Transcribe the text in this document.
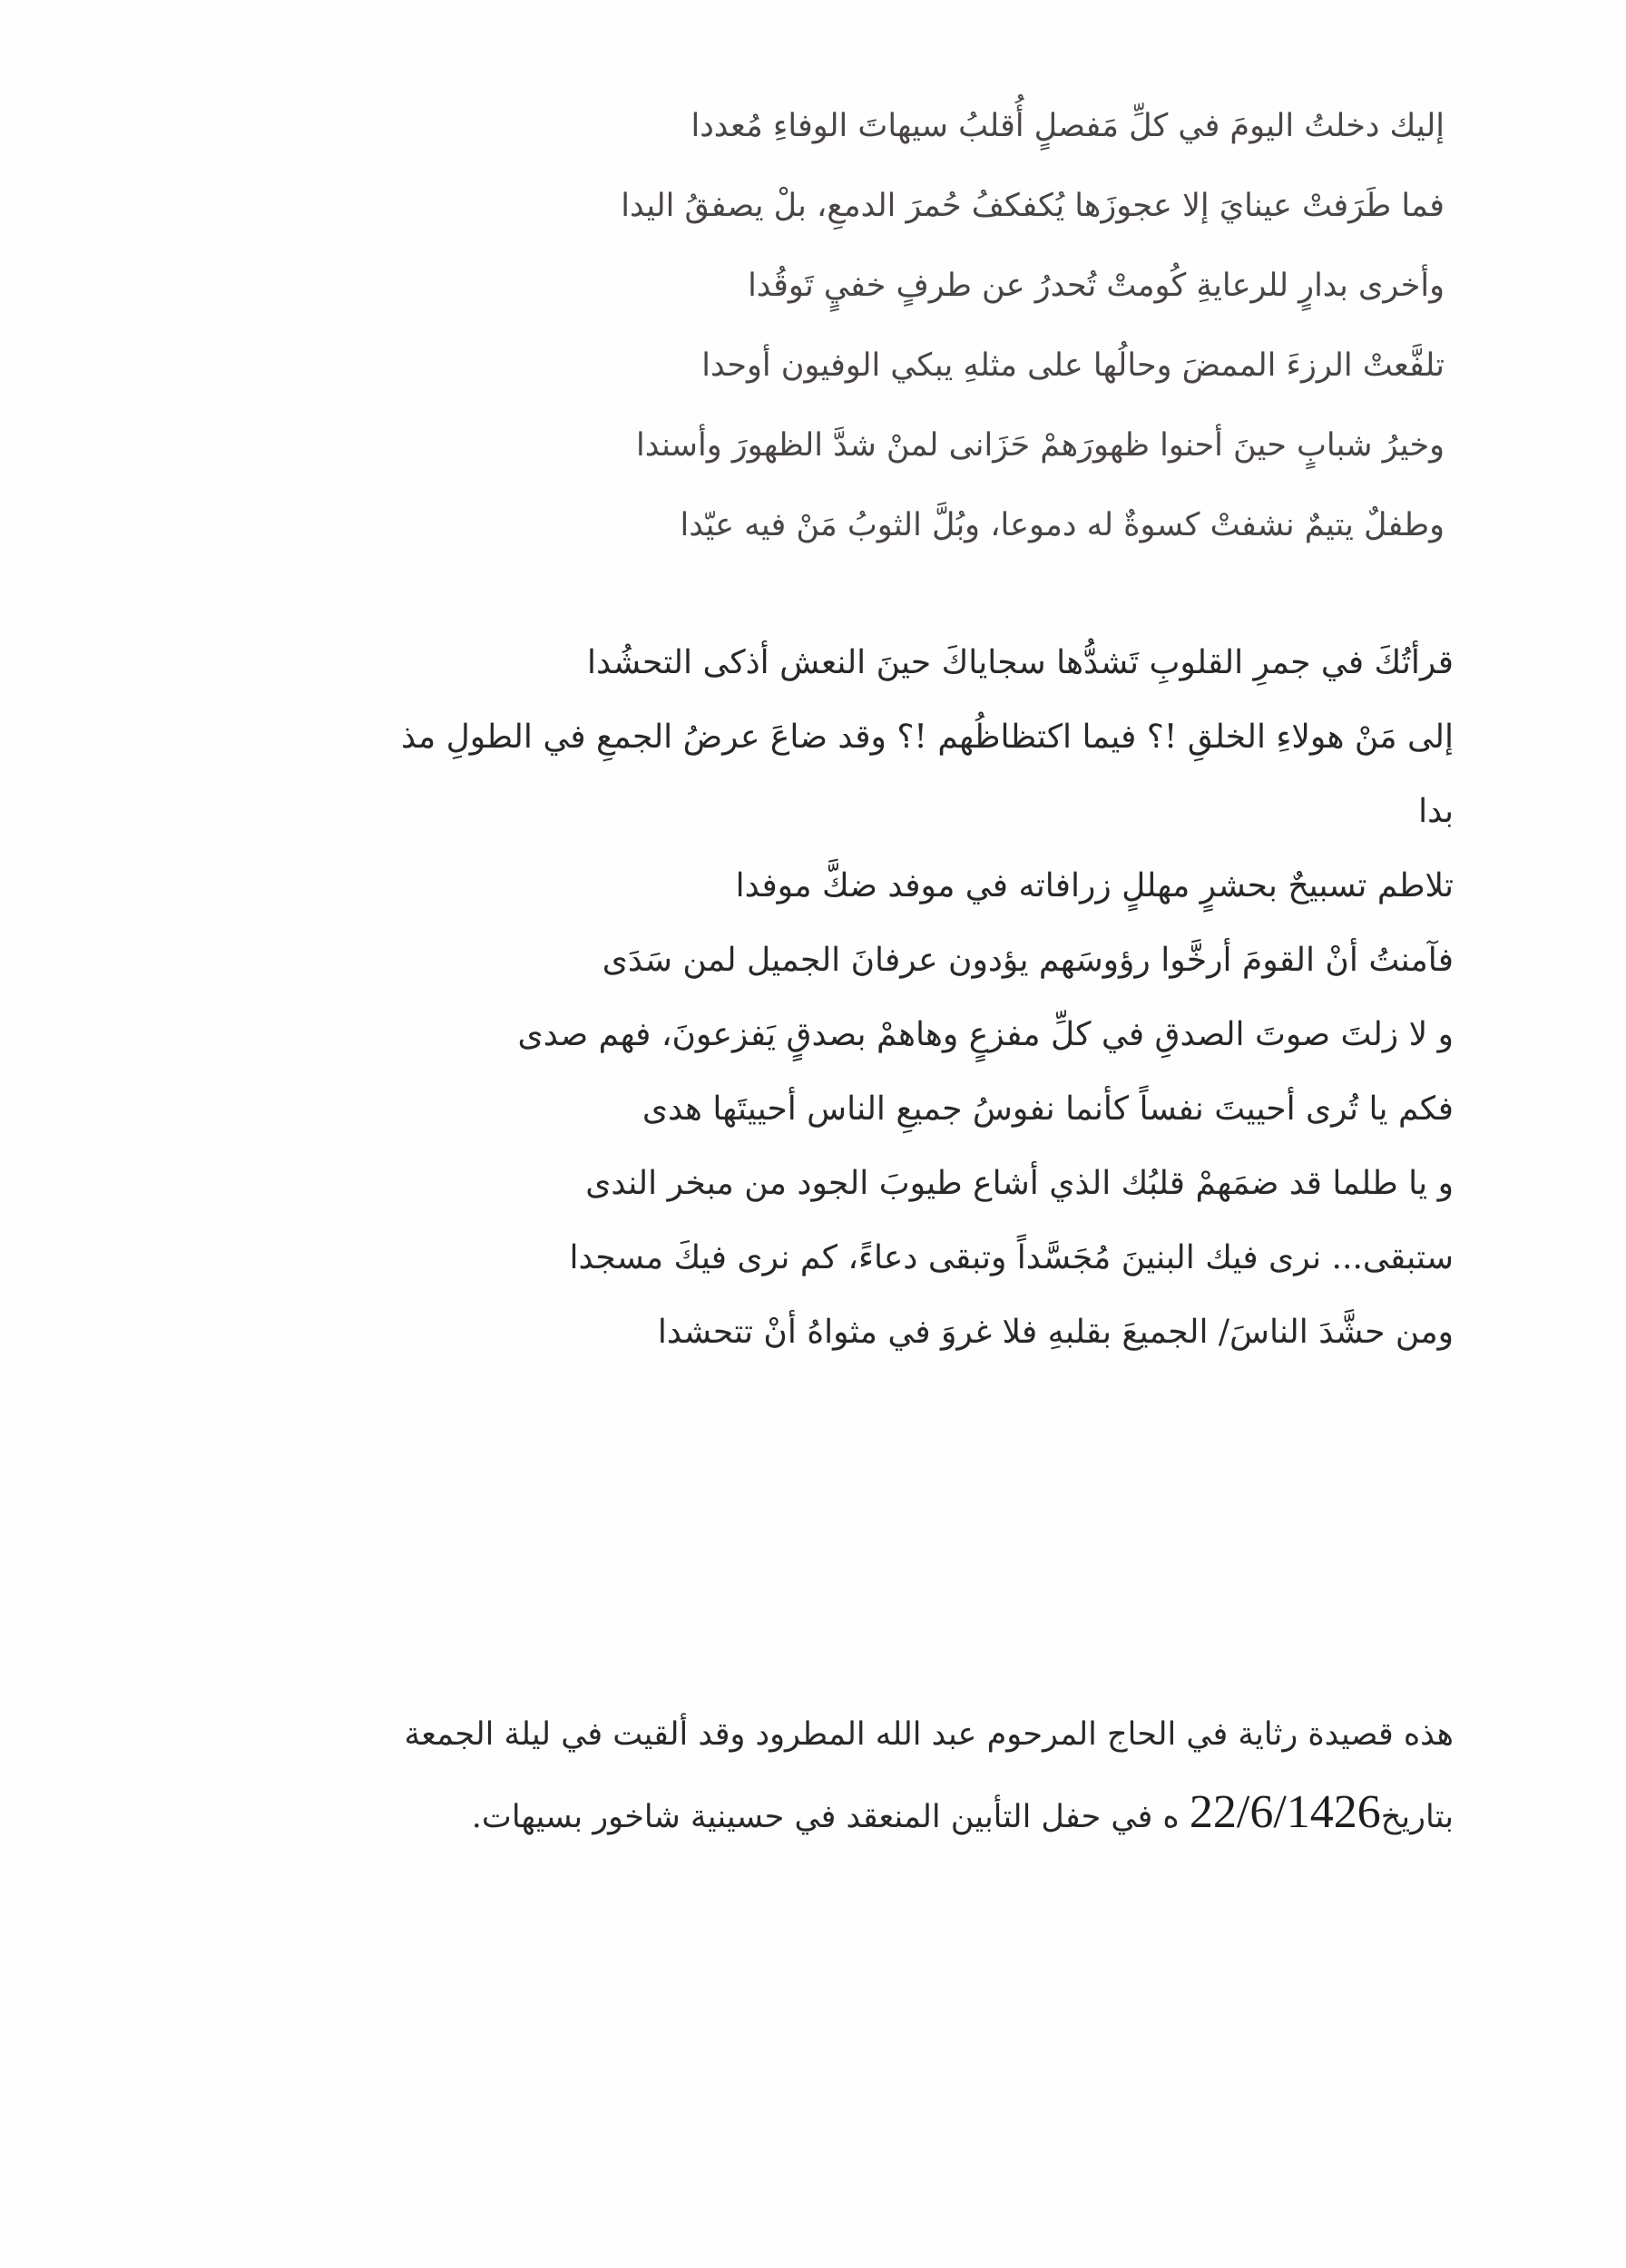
إليك دخلتُ اليومَ في كلِّ مَفصلٍ أُقلبُ سيهاتَ الوفاءِ مُعددا
فما طَرَفتْ عينايَ إلا عجوزَها يُكفكفُ حُمرَ الدمعِ، بلْ يصفقُ اليدا
وأخرى بدارٍ للرعايةِ كُومتْ تُحدرُ عن طرفٍ خفيٍ تَوقُدا
تلفَّعتْ الرزءَ الممضَ وحالُها على مثلهِ يبكي الوفيون أوحدا
وخيرُ شبابٍ حينَ أحنوا ظهورَهمْ حَزَانى لمنْ شدَّ الظهورَ وأسندا
وطفلٌ يتيمٌ نشفتْ كسوةٌ له دموعا، وبُلَّ الثوبُ مَنْ فيه عيّدا
قرأتُكَ في جمرِ القلوبِ تَشدُّها سجاياكَ حينَ النعش أذكى التحشُدا
إلى مَنْ هولاءِ الخلقِ !؟ فيما اكتظاظُهم !؟ وقد ضاعَ عرضُ الجمعِ في الطولِ مذ
بدا
تلاطم تسبيحٌ بحشرٍ مهللٍ زرافاته في موفد ضكَّ موفدا
فآمنتُ أنْ القومَ أرخَّوا رؤوسَهم يؤدون عرفانَ الجميل لمن سَدَى
و لا زلتَ صوتَ الصدقِ في كلِّ مفزعٍ وهاهمْ بصدقٍ يَفزعونَ، فهم صدى
فكم يا تُرى أحييتَ نفساً كأنما نفوسُ جميعِ الناس أحييتَها هدى
و يا طلما قد ضمَهمْ قلبُك الذي أشاع طيوبَ الجود من مبخر الندى
ستبقى... نرى فيك البنينَ مُجَسَّداً وتبقى دعاءً، كم نرى فيكَ مسجدا
ومن حشَّدَ الناسَ/ الجميعَ بقلبهِ فلا غروَ في مثواهُ أنْ تتحشدا
هذه قصيدة رثاية في الحاج المرحوم عبد الله المطرود وقد ألقيت في ليلة الجمعة
بتاريخ22/6/1426 ه في حفل التأبين المنعقد في حسينية شاخور بسيهات.
